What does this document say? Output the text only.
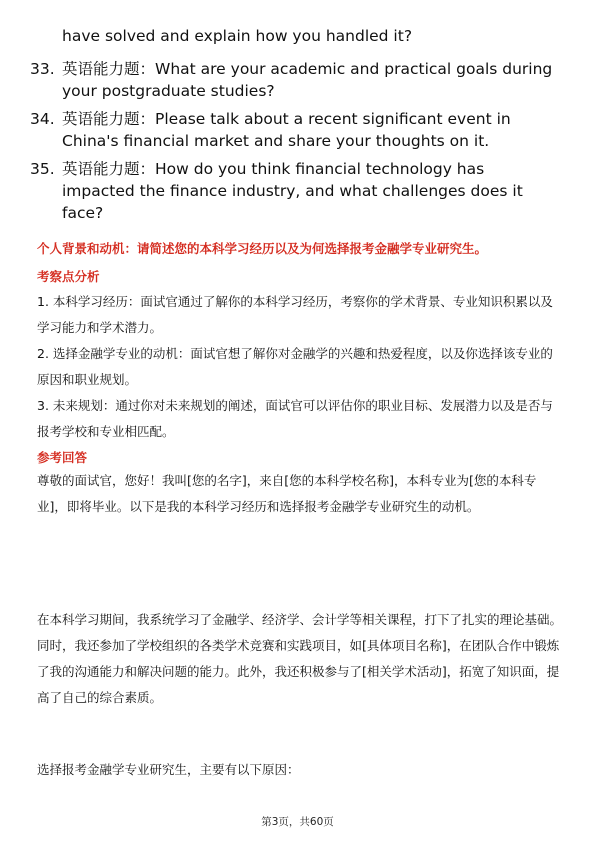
have solved and explain how you handled it?
33. 英语能力题：What are your academic and practical goals during your postgraduate studies?
34. 英语能力题：Please talk about a recent significant event in China's financial market and share your thoughts on it.
35. 英语能力题：How do you think financial technology has impacted the finance industry, and what challenges does it face?
个人背景和动机：请简述您的本科学习经历以及为何选择报考金融学专业研究生。
考察点分析
1. 本科学习经历：面试官通过了解你的本科学习经历，考察你的学术背景、专业知识积累以及学习能力和学术潜力。
2. 选择金融学专业的动机：面试官想了解你对金融学的兴趣和热爱程度，以及你选择该专业的原因和职业规划。
3. 未来规划：通过你对未来规划的阐述，面试官可以评估你的职业目标、发展潜力以及是否与报考学校和专业相匹配。
参考回答
尊敬的面试官，您好！我叫[您的名字]，来自[您的本科学校名称]，本科专业为[您的本科专业]，即将毕业。以下是我的本科学习经历和选择报考金融学专业研究生的动机。
在本科学习期间，我系统学习了金融学、经济学、会计学等相关课程，打下了扎实的理论基础。同时，我还参加了学校组织的各类学术竞赛和实践项目，如[具体项目名称]，在团队合作中锻炼了我的沟通能力和解决问题的能力。此外，我还积极参与了[相关学术活动]，拓宽了知识面，提高了自己的综合素质。
选择报考金融学专业研究生，主要有以下原因：
第3页，共60页
